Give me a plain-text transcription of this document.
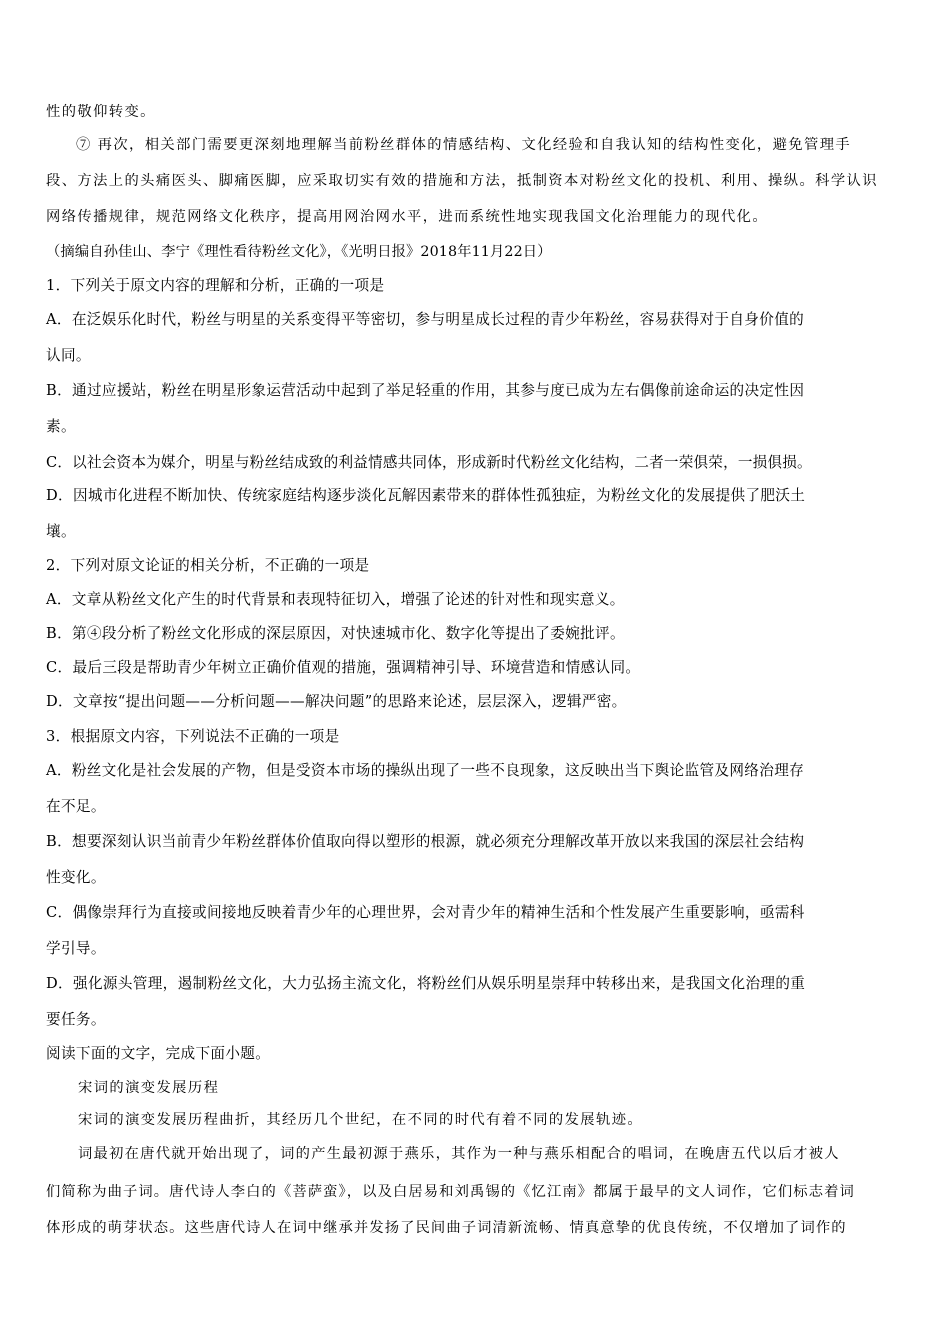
性的敬仰转变。
⑦ 再次，相关部门需要更深刻地理解当前粉丝群体的情感结构、文化经验和自我认知的结构性变化，避免管理手
段、方法上的头痛医头、脚痛医脚，应采取切实有效的措施和方法，抵制资本对粉丝文化的投机、利用、操纵。科学认识
网络传播规律，规范网络文化秩序，提高用网治网水平，进而系统性地实现我国文化治理能力的现代化。
（摘编自孙佳山、李宁《理性看待粉丝文化》，《光明日报》2018年11月22日）
1．下列关于原文内容的理解和分析，正确的一项是
A．在泛娱乐化时代，粉丝与明星的关系变得平等密切，参与明星成长过程的青少年粉丝，容易获得对于自身价值的
认同。
B．通过应援站，粉丝在明星形象运营活动中起到了举足轻重的作用，其参与度已成为左右偶像前途命运的决定性因
素。
C．以社会资本为媒介，明星与粉丝结成致的利益情感共同体，形成新时代粉丝文化结构，二者一荣俱荣，一损俱损。
D．因城市化进程不断加快、传统家庭结构逐步淡化瓦解因素带来的群体性孤独症，为粉丝文化的发展提供了肥沃土
壤。
2．下列对原文论证的相关分析，不正确的一项是
A．文章从粉丝文化产生的时代背景和表现特征切入，增强了论述的针对性和现实意义。
B．第④段分析了粉丝文化形成的深层原因，对快速城市化、数字化等提出了委婉批评。
C．最后三段是帮助青少年树立正确价值观的措施，强调精神引导、环境营造和情感认同。
D．文章按“提出问题——分析问题——解决问题”的思路来论述，层层深入，逻辑严密。
3．根据原文内容，下列说法不正确的一项是
A．粉丝文化是社会发展的产物，但是受资本市场的操纵出现了一些不良现象，这反映出当下舆论监管及网络治理存
在不足。
B．想要深刻认识当前青少年粉丝群体价值取向得以塑形的根源，就必须充分理解改革开放以来我国的深层社会结构
性变化。
C．偶像崇拜行为直接或间接地反映着青少年的心理世界，会对青少年的精神生活和个性发展产生重要影响，亟需科
学引导。
D．强化源头管理，遏制粉丝文化，大力弘扬主流文化，将粉丝们从娱乐明星崇拜中转移出来，是我国文化治理的重
要任务。
阅读下面的文字，完成下面小题。
宋词的演变发展历程
宋词的演变发展历程曲折，其经历几个世纪，在不同的时代有着不同的发展轨迹。
词最初在唐代就开始出现了，词的产生最初源于燕乐，其作为一种与燕乐相配合的唱词，在晚唐五代以后才被人
们简称为曲子词。唐代诗人李白的《菩萨蛮》，以及白居易和刘禹锡的《忆江南》都属于最早的文人词作，它们标志着词
体形成的萌芽状态。这些唐代诗人在词中继承并发扬了民间曲子词清新流畅、情真意挚的优良传统，不仅增加了词作的
